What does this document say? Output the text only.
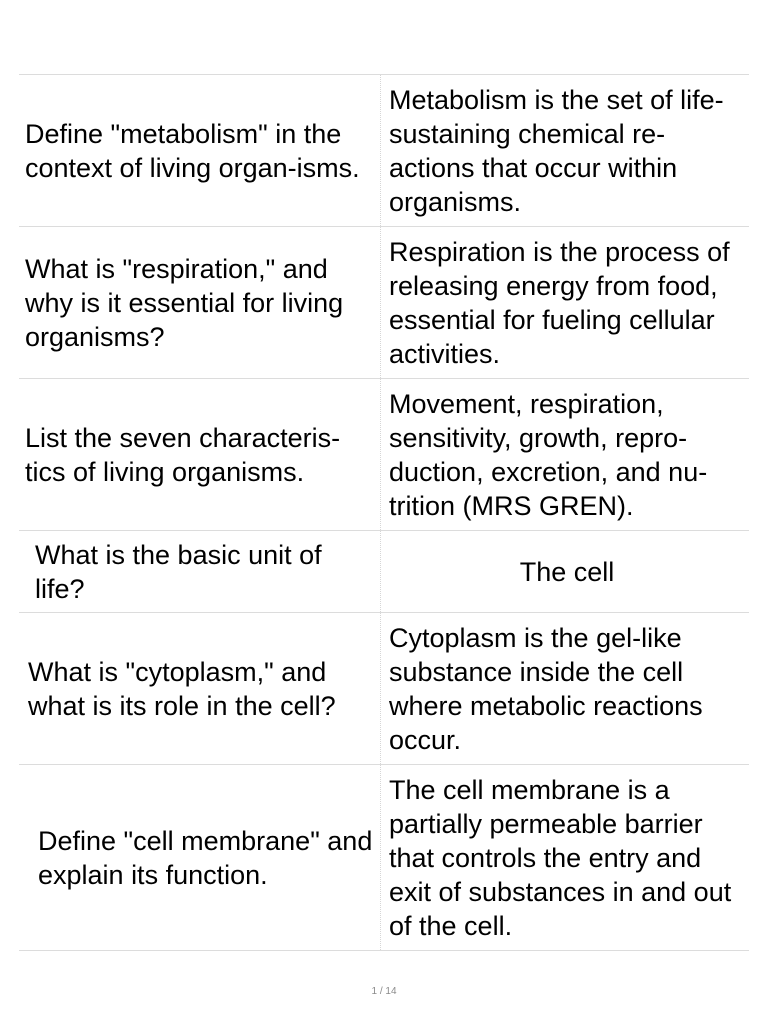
Define "metabolism" in the context of living organ-isms.
Metabolism is the set of life-sustaining chemical re-actions that occur within organisms.
What is "respiration," and why is it essential for living organisms?
Respiration is the process of releasing energy from food, essential for fueling cellular activities.
List the seven characteris-tics of living organisms.
Movement, respiration, sensitivity, growth, repro-duction, excretion, and nu-trition (MRS GREN).
What is the basic unit of life?
The cell
What is "cytoplasm," and what is its role in the cell?
Cytoplasm is the gel-like substance inside the cell where metabolic reactions occur.
Define "cell membrane" and explain its function.
The cell membrane is a partially permeable barrier that controls the entry and exit of substances in and out of the cell.
1 / 14
